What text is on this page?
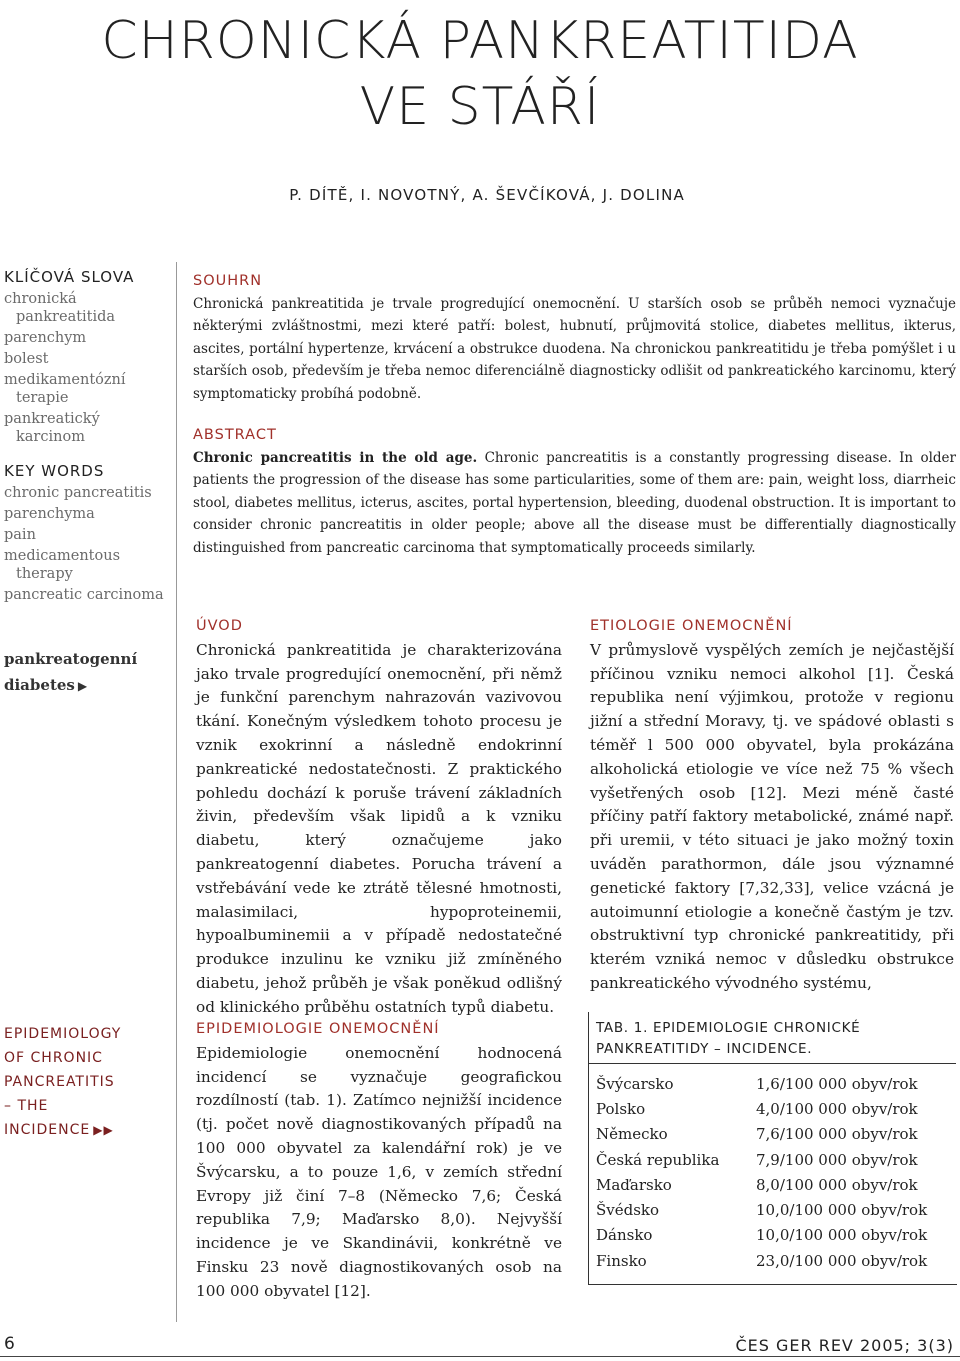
CHRONICKÁ PANKREATITIDA
VE STÁŘÍ
P. DÍTĚ, I. NOVOTNÝ, A. ŠEVČÍKOVÁ, J. DOLINA
KLÍČOVÁ SLOVA
chronická pankreatitida
parenchym
bolest
medikamentózní terapie
pankreatický karcinom
KEY WORDS
chronic pancreatitis
parenchyma
pain
medicamentous therapy
pancreatic carcinoma
pankreatogenní
diabetes ▶
EPIDEMIOLOGY
OF CHRONIC
PANCREATITIS
– THE
INCIDENCE ▶▶
SOUHRN
Chronická pankreatitida je trvale progredující onemocnění. U starších osob se průběh nemoci vyznačuje některými zvláštnostmi, mezi které patří: bolest, hubnutí, průjmovitá stolice, diabetes mellitus, ikterus, ascites, portální hypertenze, krvácení a obstrukce duodena. Na chronickou pankreatitidu je třeba pomýšlet i u starších osob, především je třeba nemoc diferenciálně diagnosticky odlišit od pankreatického karcinomu, který symptomaticky probíhá podobně.
ABSTRACT
Chronic pancreatitis in the old age. Chronic pancreatitis is a constantly progressing disease. In older patients the progression of the disease has some particularities, some of them are: pain, weight loss, diarrheic stool, diabetes mellitus, icterus, ascites, portal hypertension, bleeding, duodenal obstruction. It is important to consider chronic pancreatitis in older people; above all the disease must be differentially diagnostically distinguished from pancreatic carcinoma that symptomatically proceeds similarly.
ÚVOD
Chronická pankreatitida je charakterizována jako trvale progredující onemocnění, při němž je funkční parenchym nahrazován vazivovou tkání. Konečným výsledkem tohoto procesu je vznik exokrinní a následně endokrinní pankreatické nedostatečnosti. Z praktického pohledu dochází k poruše trávení základních živin, především však lipidů a k vzniku diabetu, který označujeme jako pankreatogenní diabetes. Porucha trávení a vstřebávání vede ke ztrátě tělesné hmotnosti, malasimilaci, hypoproteinemii, hypoalbuminemii a v případě nedostatečné produkce inzulinu ke vzniku již zmíněného diabetu, jehož průběh je však poněkud odlišný od klinického průběhu ostatních typů diabetu.
ETIOLOGIE ONEMOCNĚNÍ
V průmyslově vyspělých zemích je nejčastější příčinou vzniku nemoci alkohol [1]. Česká republika není výjimkou, protože v regionu jižní a střední Moravy, tj. ve spádové oblasti s téměř l 500 000 obyvatel, byla prokázána alkoholická etiologie ve více než 75 % všech vyšetřených osob [12]. Mezi méně časté příčiny patří faktory metabolické, známé např. při uremii, v této situaci je jako možný toxin uváděn parathormon, dále jsou významné genetické faktory [7,32,33], velice vzácná je autoimunní etiologie a konečně častým je tzv. obstruktivní typ chronické pankreatitidy, při kterém vzniká nemoc v důsledku obstrukce pankreatického vývodného systému,
EPIDEMIOLOGIE ONEMOCNĚNÍ
Epidemiologie onemocnění hodnocená incidencí se vyznačuje geografickou rozdílností (tab. 1). Zatímco nejnižší incidence (tj. počet nově diagnostikovaných případů na 100 000 obyvatel za kalendářní rok) je ve Švýcarsku, a to pouze 1,6, v zemích střední Evropy již činí 7–8 (Německo 7,6; Česká republika 7,9; Maďarsko 8,0). Nejvyšší incidence je ve Skandinávii, konkrétně ve Finsku 23 nově diagnostikovaných osob na 100 000 obyvatel [12].
TAB. 1. EPIDEMIOLOGIE CHRONICKÉ PANKREATITIDY – INCIDENCE.
Švýcarsko	1,6/100 000 obyv/rok
Polsko	4,0/100 000 obyv/rok
Německo	7,6/100 000 obyv/rok
Česká republika 7,9/100 000 obyv/rok
Maďarsko	8,0/100 000 obyv/rok
Švédsko	10,0/100 000 obyv/rok
Dánsko	10,0/100 000 obyv/rok
Finsko	23,0/100 000 obyv/rok
6	ČES GER REV 2005; 3(3)
